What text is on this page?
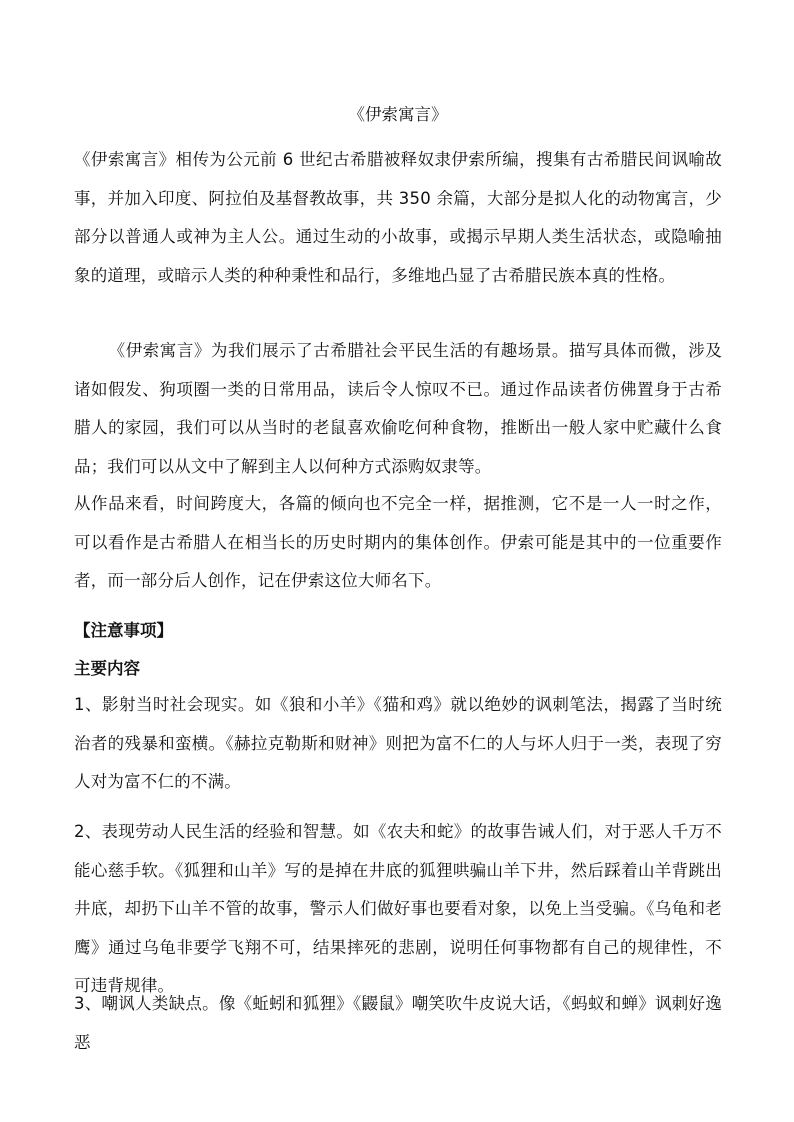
《伊索寓言》

《伊索寓言》相传为公元前 6 世纪古希腊被释奴隶伊索所编，搜集有古希腊民间讽喻故事，并加入印度、阿拉伯及基督教故事，共 350 余篇，大部分是拟人化的动物寓言，少部分以普通人或神为主人公。通过生动的小故事，或揭示早期人类生活状态，或隐喻抽象的道理，或暗示人类的种种秉性和品行，多维地凸显了古希腊民族本真的性格。

《伊索寓言》为我们展示了古希腊社会平民生活的有趣场景。描写具体而微，涉及诸如假发、狗项圈一类的日常用品，读后令人惊叹不已。通过作品读者仿佛置身于古希腊人的家园，我们可以从当时的老鼠喜欢偷吃何种食物，推断出一般人家中贮藏什么食品；我们可以从文中了解到主人以何种方式添购奴隶等。

从作品来看，时间跨度大，各篇的倾向也不完全一样，据推测，它不是一人一时之作，可以看作是古希腊人在相当长的历史时期内的集体创作。伊索可能是其中的一位重要作者，而一部分后人创作，记在伊索这位大师名下。

【注意事项】
主要内容

1、影射当时社会现实。如《狼和小羊》《猫和鸡》就以绝妙的讽刺笔法，揭露了当时统治者的残暴和蛮横。《赫拉克勒斯和财神》则把为富不仁的人与坏人归于一类，表现了穷人对为富不仁的不满。

2、表现劳动人民生活的经验和智慧。如《农夫和蛇》的故事告诫人们，对于恶人千万不能心慈手软。《狐狸和山羊》写的是掉在井底的狐狸哄骗山羊下井，然后踩着山羊背跳出井底，却扔下山羊不管的故事，警示人们做好事也要看对象，以免上当受骗。《乌龟和老鹰》通过乌龟非要学飞翔不可，结果摔死的悲剧，说明任何事物都有自己的规律性，不可违背规律。

3、嘲讽人类缺点。像《蚯蚓和狐狸》《鼹鼠》嘲笑吹牛皮说大话，《蚂蚁和蝉》讽刺好逸恶
